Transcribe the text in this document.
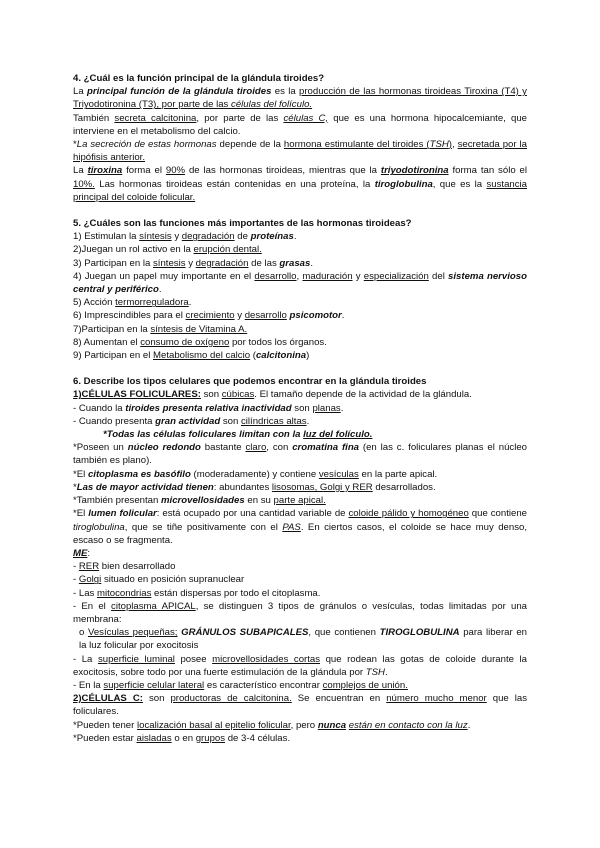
4. ¿Cuál es la función principal de la glándula tiroides?

La principal función de la glándula tiroides es la producción de las hormonas tiroideas Tiroxina (T4) y Triyodotironina (T3), por parte de las células del folículo.

También secreta calcitonina, por parte de las células C, que es una hormona hipocalcemiante, que interviene en el metabolismo del calcio.

*La secreción de estas hormonas depende de la hormona estimulante del tiroides (TSH), secretada por la hipófisis anterior.

La tiroxina forma el 90% de las hormonas tiroideas, mientras que la triyodotironina forma tan sólo el 10%. Las hormonas tiroideas están contenidas en una proteína, la tiroglobulina, que es la sustancia principal del coloide folicular.

5. ¿Cuáles son las funciones más importantes de las hormonas tiroideas?

1) Estimulan la síntesis y degradación de proteínas.

2)Juegan un rol activo en la erupción dental.

3) Participan en la síntesis y degradación de las grasas.

4) Juegan un papel muy importante en el desarrollo, maduración y especialización del sistema nervioso central y periférico.

5) Acción termorreguladora.

6) Imprescindibles para el crecimiento y desarrollo psicomotor.

7)Participan en la síntesis de Vitamina A.

8) Aumentan el consumo de oxígeno por todos los órganos.

9) Participan en el Metabolismo del calcio (calcitonina)

6. Describe los tipos celulares que podemos encontrar en la glándula tiroides

1)CÉLULAS FOLICULARES: son cúbicas. El tamaño depende de la actividad de la glándula.

- Cuando la tiroides presenta relativa inactividad son planas.

- Cuando presenta gran actividad son cilíndricas altas.

*Todas las células foliculares limitan con la luz del folículo.

*Poseen un núcleo redondo bastante claro, con cromatina fina (en las c. foliculares planas el núcleo también es plano).

*El citoplasma es basófilo (moderadamente) y contiene vesículas en la parte apical.

*Las de mayor actividad tienen: abundantes lisosomas, Golgi y RER desarrollados.

*También presentan microvellosidades en su parte apical.

*El lumen folicular: está ocupado por una cantidad variable de coloide pálido y homogéneo que contiene tiroglobulina, que se tiñe positivamente con el PAS. En ciertos casos, el coloide se hace muy denso, escaso o se fragmenta.

ME:

- RER bien desarrollado

- Golgi situado en posición supranuclear

- Las mitocondrias están dispersas por todo el citoplasma.

- En el citoplasma APICAL, se distinguen 3 tipos de gránulos o vesículas, todas limitadas por una membrana:

o Vesículas pequeñas; GRÁNULOS SUBAPICALES, que contienen TIROGLOBULINA para liberar en la luz folicular por exocitosis

- La superficie luminal posee microvellosidades cortas que rodean las gotas de coloide durante la exocitosis, sobre todo por una fuerte estimulación de la glándula por TSH.

- En la superficie celular lateral es característico encontrar complejos de unión.

2)CÉLULAS C: son productoras de calcitonina. Se encuentran en número mucho menor que las foliculares.

*Pueden tener localización basal al epitelio folicular, pero nunca están en contacto con la luz.

*Pueden estar aisladas o en grupos de 3-4 células.
